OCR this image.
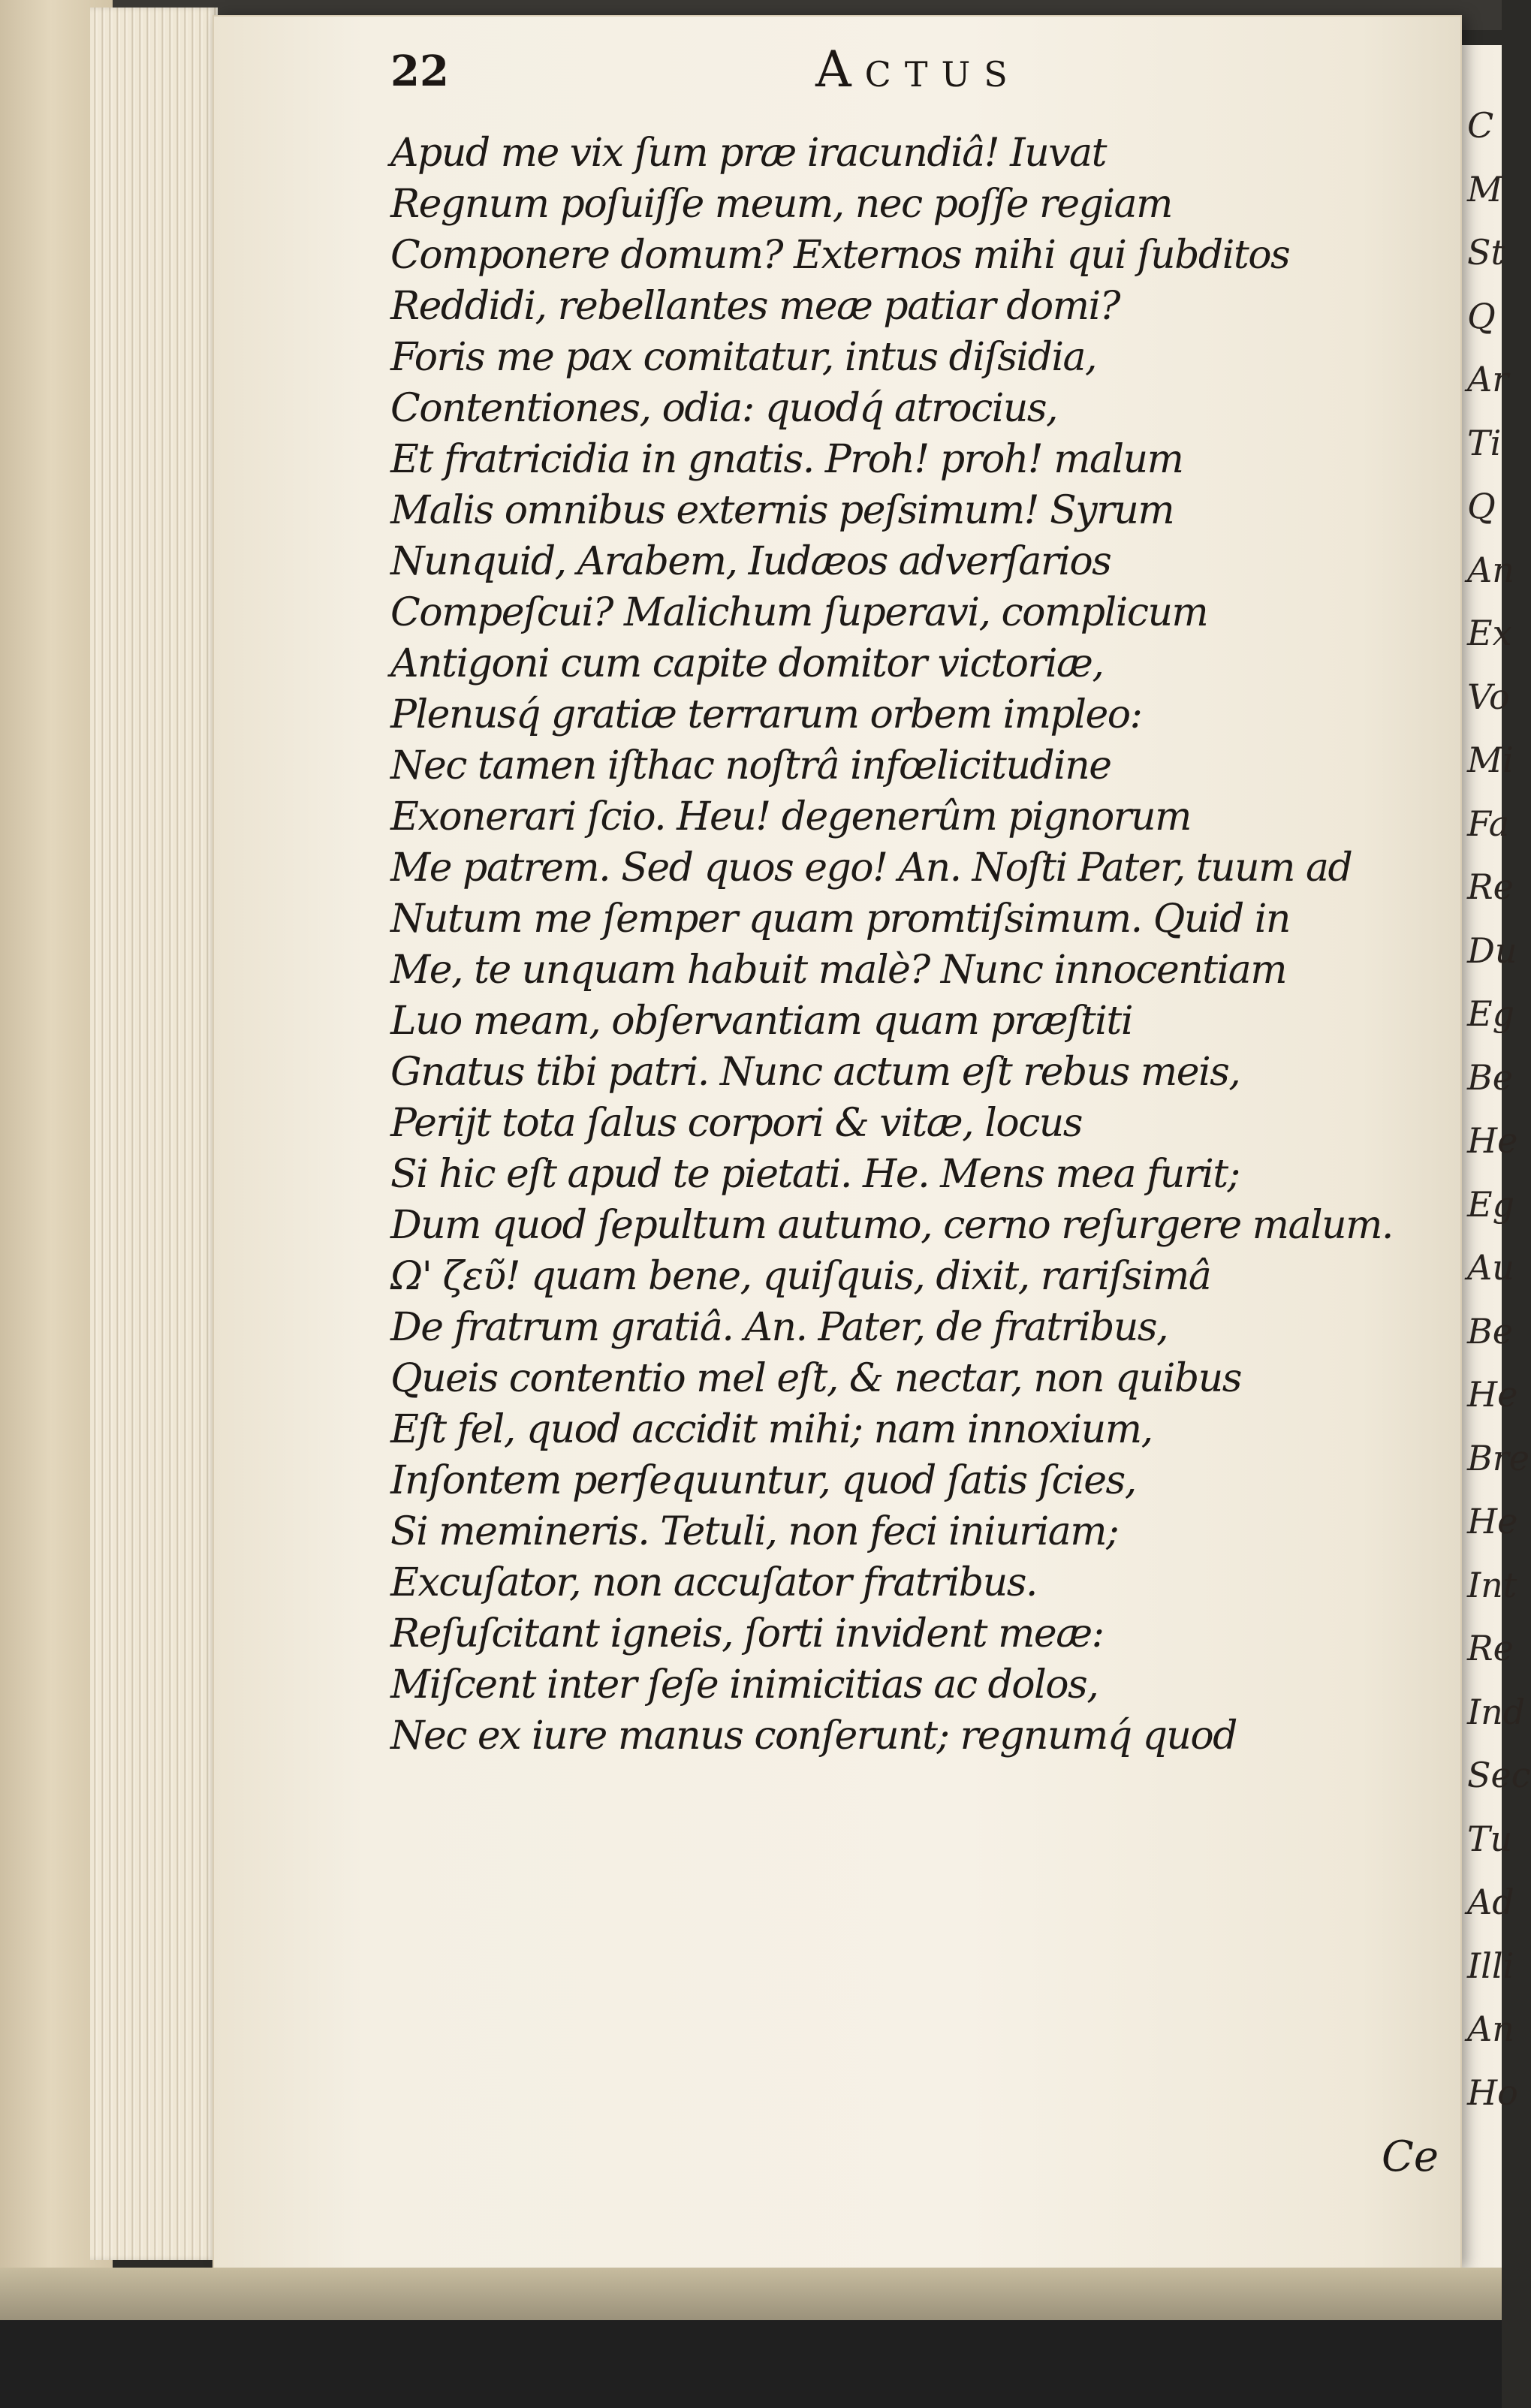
C
M
St
Q
Ar
Ti
Q
An
Ex
Vo
Mi
Fa
Re
Du
Eg
Be
He
Eg
Au
Be
He
Bre
He
Int
Re
Ind
Sec
Tu
Ad
Illi
An
Ho
22	Actus
Apud me vix ſum præ iracundiâ! Iuvat
Regnum poſuiſſe meum, nec poſſe regiam
Componere domum? Externos mihi qui ſubditos
Reddidi, rebellantes meæ patiar domi?
Foris me pax comitatur, intus diſsidia,
Contentiones, odia: quodq́ atrocius,
Et fratricidia in gnatis. Proh! proh! malum
Malis omnibus externis peſsimum! Syrum
Nunquid, Arabem, Iudæos adverſarios
Compeſcui? Malichum ſuperavi, complicum
Antigoni cum capite domitor victoriæ,
Plenusq́ gratiæ terrarum orbem impleo:
Nec tamen iſthac noſtrâ infœlicitudine
Exonerari ſcio. Heu! degenerûm pignorum
Me patrem. Sed quos ego! An. Noſti Pater, tuum ad
Nutum me ſemper quam promtiſsimum. Quid in
Me, te unquam habuit malè? Nunc innocentiam
Luo meam, obſervantiam quam præſtiti
Gnatus tibi patri. Nunc actum eſt rebus meis,
Perijt tota ſalus corpori & vitæ, locus
Si hic eſt apud te pietati. He. Mens mea furit;
Dum quod ſepultum autumo, cerno reſurgere malum.
Ω' ζεῦ! quam bene, quiſquis, dixit, rariſsimâ
De fratrum gratiâ. An. Pater, de fratribus,
Queis contentio mel eſt, & nectar, non quibus
Eſt fel, quod accidit mihi; nam innoxium,
Inſontem perſequuntur, quod ſatis ſcies,
Si memineris. Tetuli, non feci iniuriam;
Excuſator, non accuſator fratribus.
Reſuſcitant igneis, ſorti invident meæ:
Miſcent inter ſeſe inimicitias ac dolos,
Nec ex iure manus conſerunt; regnumq́ quod
Ce
